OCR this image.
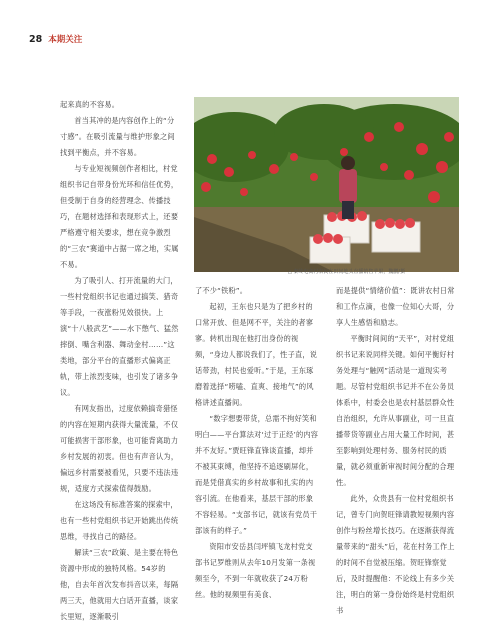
28 本期关注
△ 秦岭电商村农民在田间地头直播销售苹果，魏鹏/摄

起来真的不容易。

首当其冲的是内容创作上的“分寸感”。在吸引流量与维护形象之间找到平衡点，并不容易。

与专业短视频创作者相比，村党组织书记自带身份光环和信任优势，但受制于自身的经营理念、传播技巧，在题材选择和表现形式上，还要严格遵守相关要求，想在竞争激烈的“三农”赛道中占据一席之地，实属不易。

为了吸引人、打开流量的大门，一些村党组织书记也通过搞笑、猎奇等手段，一夜涨粉见效很快。上演“十八般武艺”——水下憋气、猛然摔倒、嘴含利器、舞动金村……”这类地，部分平台的直播形式偏离正轨，带上浓烈变味，也引发了诸多争议。

有网友指出，过度依赖搞奇猎怪的内容在短期内获得大量流量，不仅可能损害干部形象，也可能背离助力乡村发展的初衷。但也有声音认为，偏远乡村需要被看见，只要不违法违规，适度方式探索值得鼓励。

在这场没有标准答案的探索中，也有一些村党组织书记开始跳出传统思维，寻找自己的路径。

解读“三农”政策、是主要在特色资源中形成的独特风格。54岁的他，自去年首次发布抖音以来，每隔两三天，他就用大白话开直播，谈家长里短，逐渐吸引

了不少“铁粉”。

起初，王东也只是为了把乡村的口常开放、但是网不平，关注的者寥寥。转机出现在他打出身份的视频，“身边人都说我们了，性子直，说话带劲，村民也爱听。”于是，王东琢磨着选择“唠嗑、直爽、接地气”的风格讲述直播间。

“数字想要带货，总需不拘好笑和明白——平台算法对‘过于正经’的内容并不友好。”贾旺锋直锋谈直播，却并不被其束缚，他坚持不追逐刷屏化，而是凭借真实的乡村故事和扎实的内容引流。在他看来，基层干部的形象不容轻易。“支部书记，就该有党员干部该有的样子。”

资阳市安岳县闫坪镇飞龙村党支部书记罗维则从去年10月发第一条视频至今，不到一年就收获了24万粉丝。他的视频里有美食、

而是提供“情绪价值”：既讲农村日常和工作点滴，也像一位知心大哥，分享人生感悟和励志。

平衡时间间的“天平”，对村党组织书记来说同样关键。如何平衡好村务处理与“触网”活动是一道现实考题。尽管村党组织书记并不在公务员体系中，村委会也是农村基层群众性自治组织，允许从事副业，可一旦直播带货等副业占用大量工作时间，甚至影响到处理村务、服务村民的质量，就必须重新审视时间分配的合理性。

此外，众贵县有一位村党组织书记，曾专门向贺旺锋请教短视频内容创作与粉丝增长技巧。在逐渐获得流量带来的“甜头”后，花在村务工作上的时间不自觉被压缩。贺旺锋察觉后，及时提醒他：不论线上有多少关注，明白的第一身份始终是村党组织书
